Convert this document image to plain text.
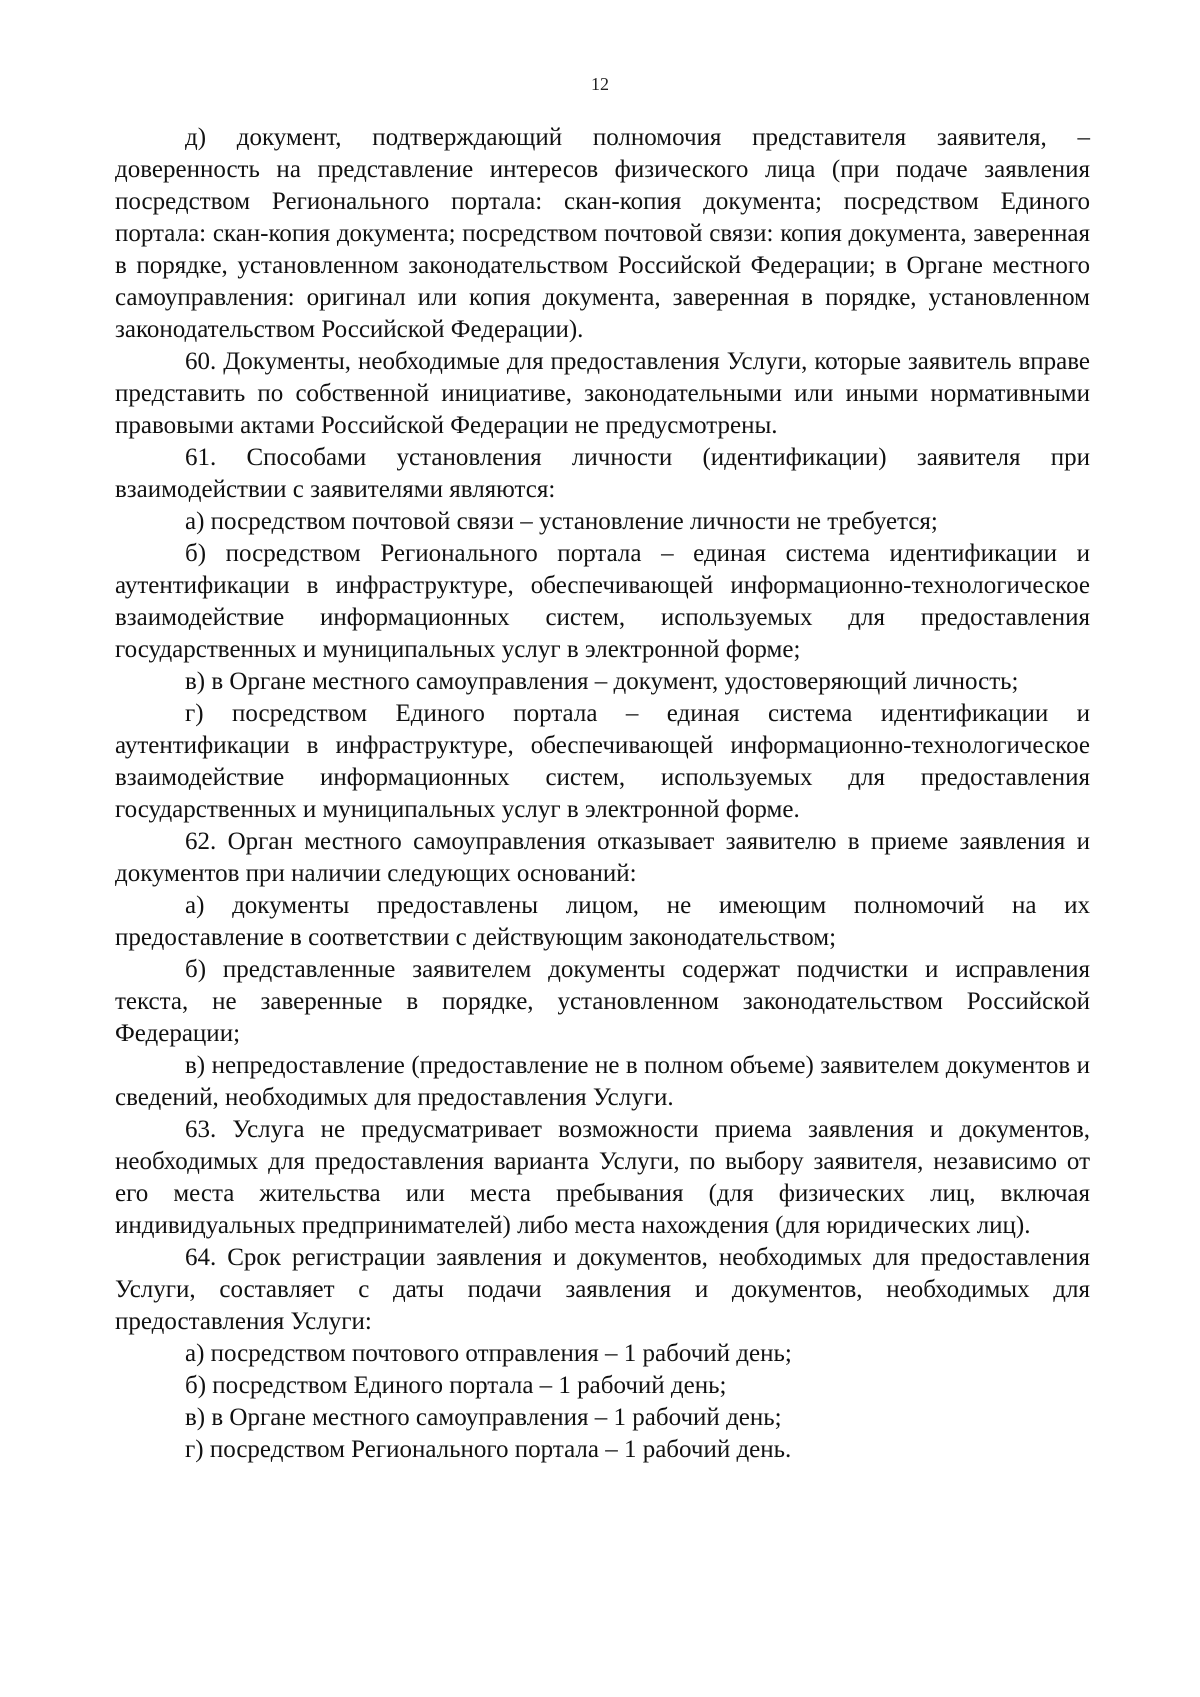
12

д) документ, подтверждающий полномочия представителя заявителя, – доверенность на представление интересов физического лица (при подаче заявления посредством Регионального портала: скан-копия документа; посредством Единого портала: скан-копия документа; посредством почтовой связи: копия документа, заверенная в порядке, установленном законодательством Российской Федерации; в Органе местного самоуправления: оригинал или копия документа, заверенная в порядке, установленном законодательством Российской Федерации).

60. Документы, необходимые для предоставления Услуги, которые заявитель вправе представить по собственной инициативе, законодательными или иными нормативными правовыми актами Российской Федерации не предусмотрены.

61. Способами установления личности (идентификации) заявителя при взаимодействии с заявителями являются:

а) посредством почтовой связи – установление личности не требуется;

б) посредством Регионального портала – единая система идентификации и аутентификации в инфраструктуре, обеспечивающей информационно-технологическое взаимодействие информационных систем, используемых для предоставления государственных и муниципальных услуг в электронной форме;

в) в Органе местного самоуправления – документ, удостоверяющий личность;

г) посредством Единого портала – единая система идентификации и аутентификации в инфраструктуре, обеспечивающей информационно-технологическое взаимодействие информационных систем, используемых для предоставления государственных и муниципальных услуг в электронной форме.

62. Орган местного самоуправления отказывает заявителю в приеме заявления и документов при наличии следующих оснований:

а) документы предоставлены лицом, не имеющим полномочий на их предоставление в соответствии с действующим законодательством;

б) представленные заявителем документы содержат подчистки и исправления текста, не заверенные в порядке, установленном законодательством Российской Федерации;

в) непредоставление (предоставление не в полном объеме) заявителем документов и сведений, необходимых для предоставления Услуги.

63. Услуга не предусматривает возможности приема заявления и документов, необходимых для предоставления варианта Услуги, по выбору заявителя, независимо от его места жительства или места пребывания (для физических лиц, включая индивидуальных предпринимателей) либо места нахождения (для юридических лиц).

64. Срок регистрации заявления и документов, необходимых для предоставления Услуги, составляет с даты подачи заявления и документов, необходимых для предоставления Услуги:

а) посредством почтового отправления – 1 рабочий день;

б) посредством Единого портала – 1 рабочий день;

в) в Органе местного самоуправления – 1 рабочий день;

г) посредством Регионального портала – 1 рабочий день.
